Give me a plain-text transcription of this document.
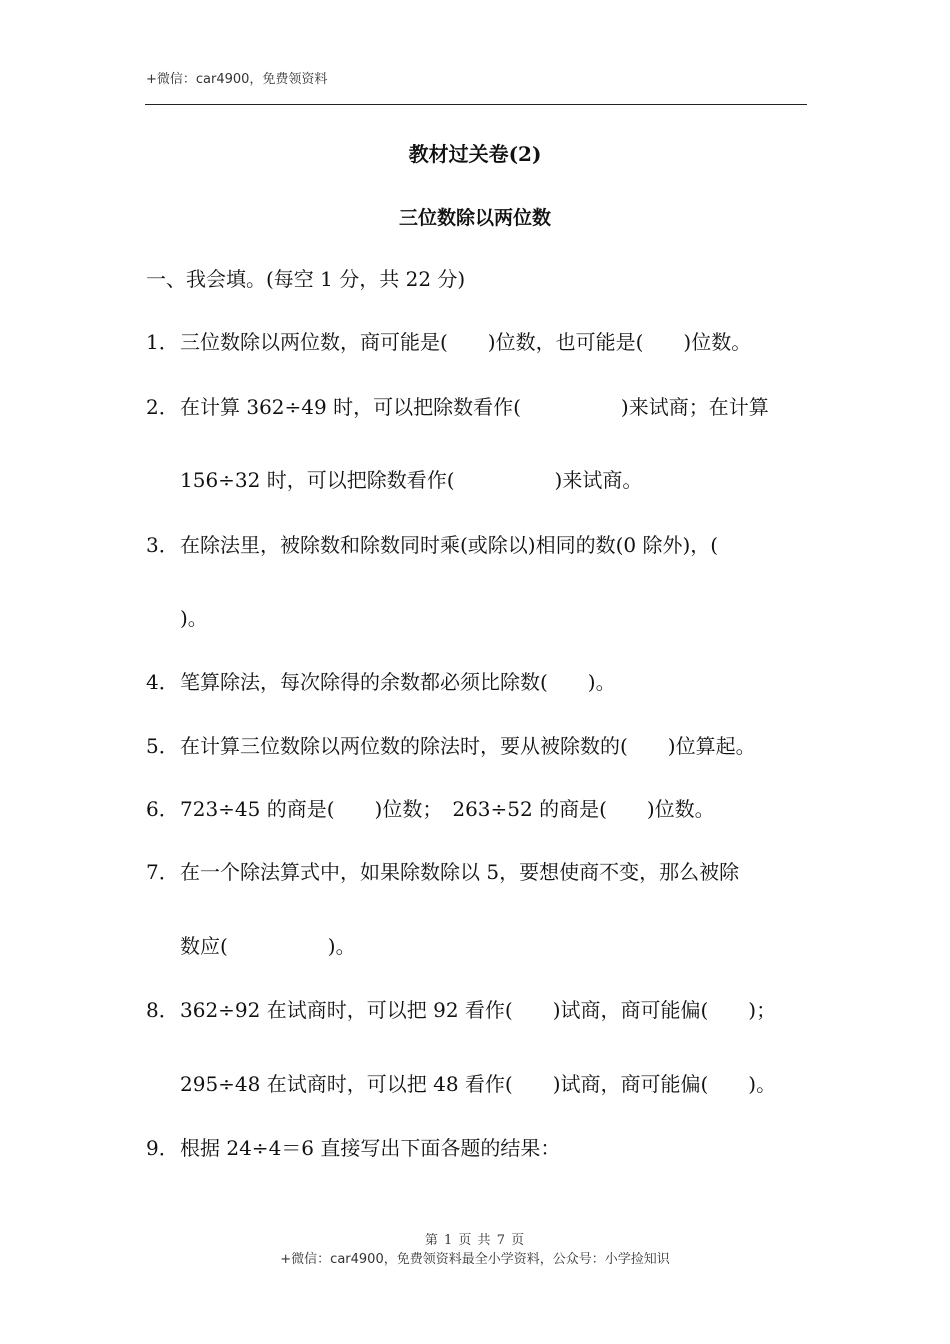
+微信：car4900，免费领资料
教材过关卷(2)
三位数除以两位数
一、我会填。(每空 1 分，共 22 分)
1．三位数除以两位数，商可能是(　　)位数，也可能是(　　)位数。
2．在计算 362÷49 时，可以把除数看作(　　　　　)来试商；在计算
156÷32 时，可以把除数看作(　　　　　)来试商。
3．在除法里，被除数和除数同时乘(或除以)相同的数(0 除外)，(
)。
4．笔算除法，每次除得的余数都必须比除数(　　)。
5．在计算三位数除以两位数的除法时，要从被除数的(　　)位算起。
6．723÷45 的商是(　　)位数；　263÷52 的商是(　　)位数。
7．在一个除法算式中，如果除数除以 5，要想使商不变，那么被除
数应(　　　　　)。
8．362÷92 在试商时，可以把 92 看作(　　)试商，商可能偏(　　)；
295÷48 在试商时，可以把 48 看作(　　)试商，商可能偏(　　)。
9．根据 24÷4＝6 直接写出下面各题的结果：
第 1 页 共 7 页
+微信：car4900，免费领资料最全小学资料，公众号：小学捡知识
